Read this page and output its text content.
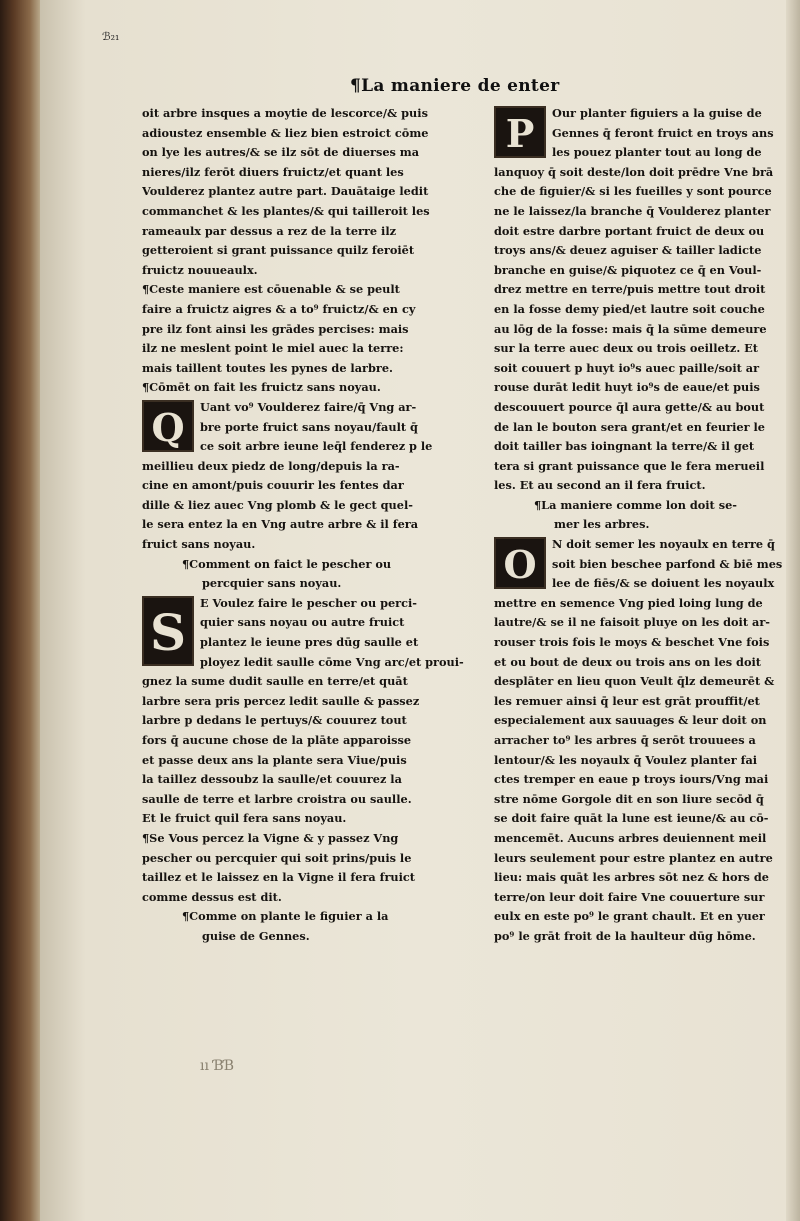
ℬ₂₁
¶La maniere de enter

oit arbre insques a moytie de lescorce/& puis

adioustez ensemble & liez bien estroict cōme

on lye les autres/& se ilz sōt de diuerses ma

nieres/ilz ferōt diuers fruictz/et quant les

Voulderez plantez autre part. Dauātaige ledit

commanchet & les plantes/& qui tailleroit les

rameaulx par dessus a rez de la terre ilz

getteroient si grant puissance quilz feroiēt

fruictz nouueaulx.

¶Ceste maniere est cōuenable & se peult

faire a fruictz aigres & a to⁹ fruictz/& en cy

pre ilz font ainsi les grādes percises: mais

ilz ne meslent point le miel auec la terre:

mais taillent toutes les pynes de larbre.

¶Cōmēt on fait les fruictz sans noyau.

Q	Uant vo⁹ Voulderez faire/q̄ Vng ar-

bre porte fruict sans noyau/fault q̄

ce soit arbre ieune leq̄l fenderez p le

meillieu deux piedz de long/depuis la ra-

cine en amont/puis couurir les fentes dar

dille & liez auec Vng plomb & le gect quel-

le sera entez la en Vng autre arbre & il fera

fruict sans noyau.

¶Comment on faict le pescher ou

percquier sans noyau.

S	E Voulez faire le pescher ou perci-

quier sans noyau ou autre fruict

plantez le ieune pres dūg saulle et

ployez ledit saulle cōme Vng arc/et proui-

gnez la sume dudit saulle en terre/et quāt

larbre sera pris percez ledit saulle & passez

larbre p dedans le pertuys/& couurez tout

fors q̄ aucune chose de la plāte apparoisse

et passe deux ans la plante sera Viue/puis

la taillez dessoubz la saulle/et couurez la

saulle de terre et larbre croistra ou saulle.

Et le fruict quil fera sans noyau.

¶Se Vous percez la Vigne & y passez Vng

pescher ou percquier qui soit prins/puis le

taillez et le laissez en la Vigne il fera fruict

comme dessus est dit.

¶Comme on plante le figuier a la

guise de Gennes.

P	Our planter figuiers a la guise de

Gennes q̄ feront fruict en troys ans

les pouez planter tout au long de

lanquoy q̄ soit deste/lon doit prēdre Vne brā

che de figuier/& si les fueilles y sont pource

ne le laissez/la branche q̄ Voulderez planter

doit estre darbre portant fruict de deux ou

troys ans/& deuez aguiser & tailler ladicte

branche en guise/& piquotez ce q̄ en Voul-

drez mettre en terre/puis mettre tout droit

en la fosse demy pied/et lautre soit couche

au lōg de la fosse: mais q̄ la sūme demeure

sur la terre auec deux ou trois oeilletz. Et

soit couuert p huyt io⁹s auec paille/soit ar

rouse durāt ledit huyt io⁹s de eaue/et puis

descouuert pource q̄l aura gette/& au bout

de lan le bouton sera grant/et en feurier le

doit tailler bas ioingnant la terre/& il get

tera si grant puissance que le fera merueil

les. Et au second an il fera fruict.

¶La maniere comme lon doit se-

mer les arbres.

O	N doit semer les noyaulx en terre q̄

soit bien beschee parfond & biē mes

lee de fiēs/& se doiuent les noyaulx

mettre en semence Vng pied loing lung de

lautre/& se il ne faisoit pluye on les doit ar-

rouser trois fois le moys & beschet Vne fois

et ou bout de deux ou trois ans on les doit

desplāter en lieu quon Veult q̄lz demeurēt &

les remuer ainsi q̄ leur est grāt prouffit/et

especialement aux sauuages & leur doit on

arracher to⁹ les arbres q̄ serōt trouuees a

lentour/& les noyaulx q̄ Voulez planter fai

ctes tremper en eaue p troys iours/Vng mai

stre nōme Gorgole dit en son liure secōd q̄

se doit faire quāt la lune est ieune/& au cō-

mencemēt. Aucuns arbres deuiennent meil

leurs seulement pour estre plantez en autre

lieu: mais quāt les arbres sōt nez & hors de

terre/on leur doit faire Vne couuerture sur

eulx en este po⁹ le grant chault. Et en yuer

po⁹ le grāt froit de la haulteur dūg hōme.

ıı ƁƁ
